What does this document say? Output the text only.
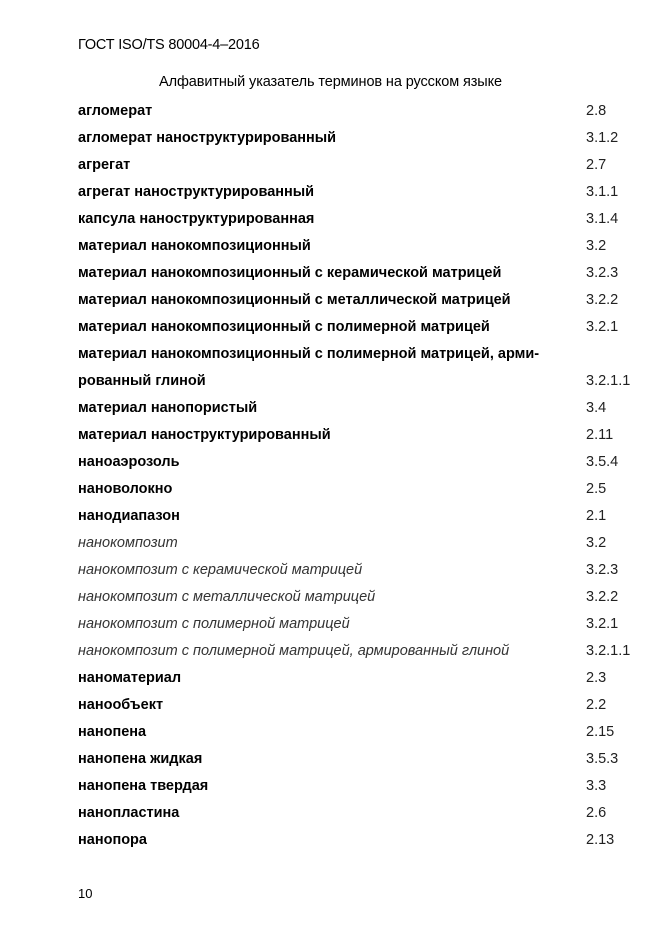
ГОСТ ISO/TS 80004-4–2016
Алфавитный указатель терминов на русском языке
агломерат	2.8
агломерат наноструктурированный	3.1.2
агрегат	2.7
агрегат наноструктурированный	3.1.1
капсула наноструктурированная	3.1.4
материал нанокомпозиционный	3.2
материал нанокомпозиционный с керамической матрицей	3.2.3
материал нанокомпозиционный с металлической матрицей	3.2.2
материал нанокомпозиционный с полимерной матрицей	3.2.1
материал нанокомпозиционный с полимерной матрицей, арми-рованный глиной	3.2.1.1
материал нанопористый	3.4
материал наноструктурированный	2.11
наноаэрозоль	3.5.4
нановолокно	2.5
нанодиапазон	2.1
нанокомпозит	3.2
нанокомпозит с керамической матрицей	3.2.3
нанокомпозит с металлической матрицей	3.2.2
нанокомпозит с полимерной матрицей	3.2.1
нанокомпозит с полимерной матрицей, армированный глиной	3.2.1.1
наноматериал	2.3
нанообъект	2.2
нанопена	2.15
нанопена жидкая	3.5.3
нанопена твердая	3.3
нанопластина	2.6
нанопора	2.13
10
